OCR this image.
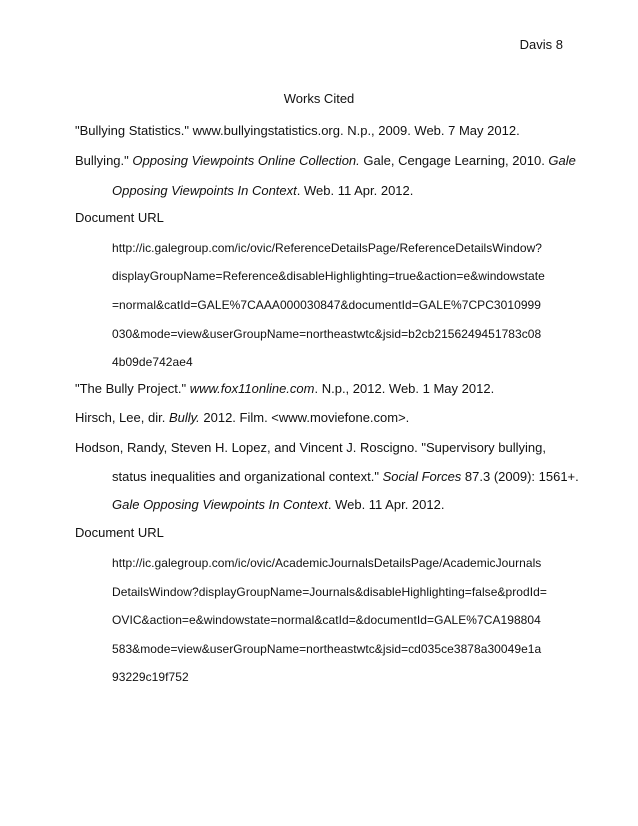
Davis 8
Works Cited
"Bullying Statistics." www.bullyingstatistics.org. N.p., 2009. Web. 7 May 2012.
Bullying." Opposing Viewpoints Online Collection. Gale, Cengage Learning, 2010. Gale
Opposing Viewpoints In Context. Web. 11 Apr. 2012.
Document URL
http://ic.galegroup.com/ic/ovic/ReferenceDetailsPage/ReferenceDetailsWindow?
displayGroupName=Reference&disableHighlighting=true&action=e&windowstate
=normal&catId=GALE%7CAAA000030847&documentId=GALE%7CPC3010999
030&mode=view&userGroupName=northeastwtc&jsid=b2cb2156249451783c08
4b09de742ae4
"The Bully Project." www.fox11online.com. N.p., 2012. Web. 1 May 2012.
Hirsch, Lee, dir. Bully. 2012. Film. <www.moviefone.com>.
Hodson, Randy, Steven H. Lopez, and Vincent J. Roscigno. "Supervisory bullying,
status inequalities and organizational context." Social Forces 87.3 (2009): 1561+.
Gale Opposing Viewpoints In Context. Web. 11 Apr. 2012.
Document URL
http://ic.galegroup.com/ic/ovic/AcademicJournalsDetailsPage/AcademicJournals
DetailsWindow?displayGroupName=Journals&disableHighlighting=false&prodId=
OVIC&action=e&windowstate=normal&catId=&documentId=GALE%7CA198804
583&mode=view&userGroupName=northeastwtc&jsid=cd035ce3878a30049e1a
93229c19f752
